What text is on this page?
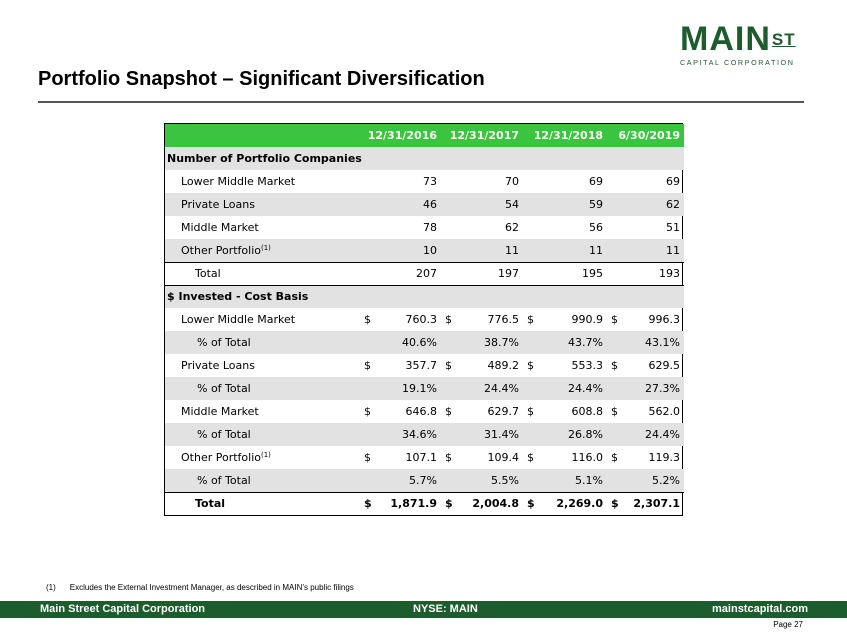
$MAIN^{ST}$
CAPITAL CORPORATION
Portfolio Snapshot – Significant Diversification
	12/31/2016	12/31/2017	12/31/2018	6/30/2019
Number of Portfolio Companies				
Lower Middle Market	73	70	69	69
Private Loans	46	54	59	62
Middle Market	78	62	56	51
Other Portfolio$^{(1)}$	10	11	11	11
Total	207	197	195	193
$ Invested - Cost Basis				
Lower Middle Market	$ 760.3	$ 776.5	$ 990.9	$ 996.3

% of Total	40.6%	38.7%	43.7%	43.1%
Private Loans	$ 357.7	$ 489.2	$ 553.3	$ 629.5

% of Total	19.1%	24.4%	24.4%	27.3%
Middle Market	$ 646.8	$ 629.7	$ 608.8	$ 562.0

% of Total	34.6%	31.4%	26.8%	24.4%
Other Portfolio$^{(1)}$	$ 107.1	$ 109.4	$ 116.0	$ 119.3

% of Total	5.7%	5.5%	5.1%	5.2%
Total	$ 1,871.9	$ 2,004.8	$ 2,269.0	$ 2,307.1
(1) Excludes the External Investment Manager, as described in MAIN’s public filings
Main Street Capital Corporation	NYSE: MAIN	mainstcapital.com
Page 27
